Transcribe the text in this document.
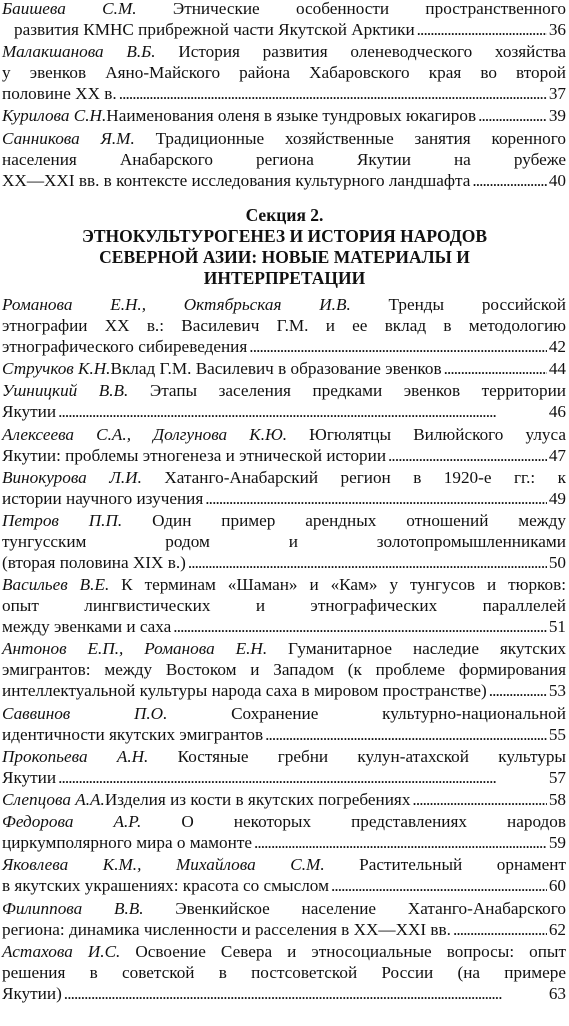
Баишева С.М. Этнические особенности пространственного
развития КМНС прибрежной части Якутской Арктики . . .	36
Малакшанова В.Б. История развития оленеводческого хозяйства
у эвенков Аяно-Майского района Хабаровского края во второй
половине XX в. . . .	37
Курилова С.Н. Наименования оленя в языке тундровых юкагиров . . .	39
Санникова Я.М. Традиционные хозяйственные занятия коренного
населения Анабарского региона Якутии на рубеже
XX—XXI вв. в контексте исследования культурного ландшафта . . .	40
Секция 2.
ЭТНОКУЛЬТУРОГЕНЕЗ И ИСТОРИЯ НАРОДОВ
СЕВЕРНОЙ АЗИИ: НОВЫЕ МАТЕРИАЛЫ И
ИНТЕРПРЕТАЦИИ
Романова Е.Н., Октябрьская И.В. Тренды российской
этнографии XX в.: Василевич Г.М. и ее вклад в методологию
этнографического сибиреведения . . .	42
Стручков К.Н. Вклад Г.М. Василевич в образование эвенков . . .	44
Ушницкий В.В. Этапы заселения предками эвенков территории
Якутии . . .	46
Алексеева С.А., Долгунова К.Ю. Югюлятцы Вилюйского улуса
Якутии: проблемы этногенеза и этнической истории . . .	47
Винокурова Л.И. Хатанго-Анабарский регион в 1920-е гг.: к
истории научного изучения . . .	49
Петров П.П. Один пример арендных отношений между
тунгусским родом и золотопромышленниками
(вторая половина XIX в.) . . .	50
Васильев В.Е. К терминам «Шаман» и «Кам» у тунгусов и тюрков:
опыт лингвистических и этнографических параллелей
между эвенками и саха . . .	51
Антонов Е.П., Романова Е.Н. Гуманитарное наследие якутских
эмигрантов: между Востоком и Западом (к проблеме формирования
интеллектуальной культуры народа саха в мировом пространстве) . . .	53
Саввинов П.О. Сохранение культурно-национальной
идентичности якутских эмигрантов . . .	55
Прокопьева А.Н. Костяные гребни кулун-атахской культуры
Якутии . . .	57
Слепцова А.А. Изделия из кости в якутских погребениях . . .	58
Федорова А.Р. О некоторых представлениях народов
циркумполярного мира о мамонте . . .	59
Яковлева К.М., Михайлова С.М. Растительный орнамент
в якутских украшениях: красота со смыслом . . .	60
Филиппова В.В. Эвенкийское население Хатанго-Анабарского
региона: динамика численности и расселения в XX—XXI вв. . . .	62
Астахова И.С. Освоение Севера и этносоциальные вопросы: опыт
решения в советской в постсоветской России (на примере
Якутии) . . .	63
